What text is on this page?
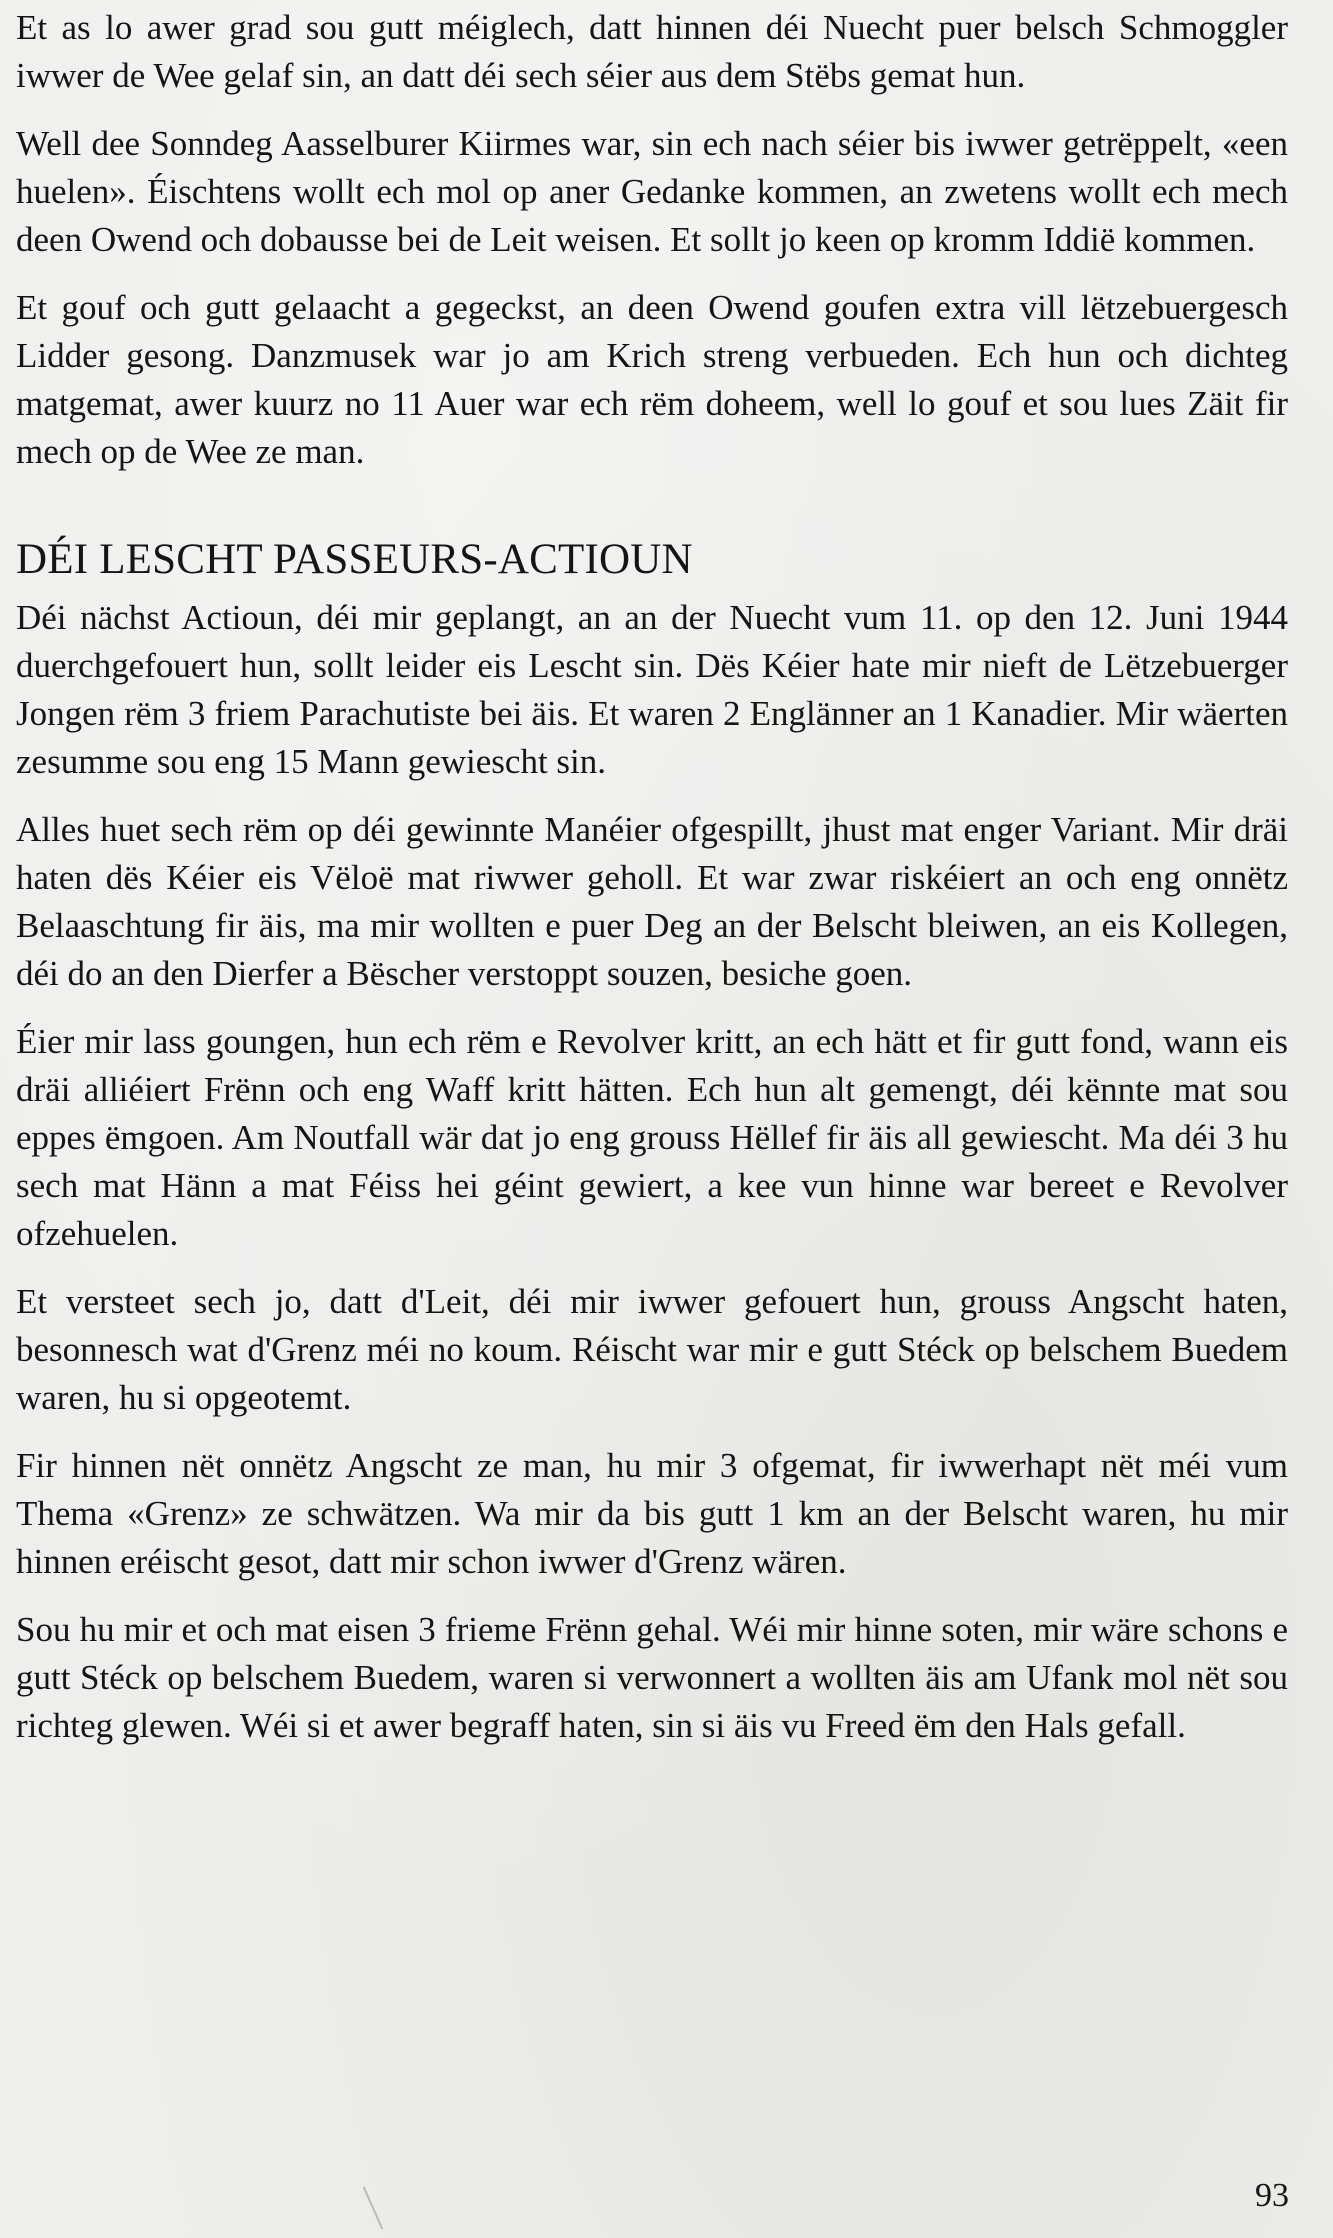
Et as lo awer grad sou gutt méiglech, datt hinnen déi Nuecht puer belsch Schmoggler iwwer de Wee gelaf sin, an datt déi sech séier aus dem Stëbs gemat hun.

Well dee Sonndeg Aasselburer Kiirmes war, sin ech nach séier bis iwwer getrëppelt, «een huelen». Éischtens wollt ech mol op aner Gedanke kommen, an zwetens wollt ech mech deen Owend och dobausse bei de Leit weisen. Et sollt jo keen op kromm Iddië kommen.

Et gouf och gutt gelaacht a gegeckst, an deen Owend goufen extra vill lëtzebuergesch Lidder gesong. Danzmusek war jo am Krich streng verbueden. Ech hun och dichteg matgemat, awer kuurz no 11 Auer war ech rëm doheem, well lo gouf et sou lues Zäit fir mech op de Wee ze man.

DÉI LESCHT PASSEURS-ACTIOUN

Déi nächst Actioun, déi mir geplangt, an an der Nuecht vum 11. op den 12. Juni 1944 duerchgefouert hun, sollt leider eis Lescht sin. Dës Kéier hate mir nieft de Lëtzebuerger Jongen rëm 3 friem Parachutiste bei äis. Et waren 2 Englänner an 1 Kanadier. Mir wäerten zesumme sou eng 15 Mann gewiescht sin.

Alles huet sech rëm op déi gewinnte Manéier ofgespillt, jhust mat enger Variant. Mir dräi haten dës Kéier eis Vëloë mat riwwer geholl. Et war zwar riskéiert an och eng onnëtz Belaaschtung fir äis, ma mir wollten e puer Deg an der Belscht bleiwen, an eis Kollegen, déi do an den Dierfer a Bëscher verstoppt souzen, besiche goen.

Éier mir lass goungen, hun ech rëm e Revolver kritt, an ech hätt et fir gutt fond, wann eis dräi alliéiert Frënn och eng Waff kritt hätten. Ech hun alt gemengt, déi kënnte mat sou eppes ëmgoen. Am Noutfall wär dat jo eng grouss Hëllef fir äis all gewiescht. Ma déi 3 hu sech mat Hänn a mat Féiss hei géint gewiert, a kee vun hinne war bereet e Revolver ofzehuelen.

Et versteet sech jo, datt d'Leit, déi mir iwwer gefouert hun, grouss Angscht haten, besonnesch wat d'Grenz méi no koum. Réischt war mir e gutt Stéck op belschem Buedem waren, hu si opgeotemt.

Fir hinnen nët onnëtz Angscht ze man, hu mir 3 ofgemat, fir iwwerhapt nët méi vum Thema «Grenz» ze schwätzen. Wa mir da bis gutt 1 km an der Belscht waren, hu mir hinnen eréischt gesot, datt mir schon iwwer d'Grenz wären.

Sou hu mir et och mat eisen 3 frieme Frënn gehal. Wéi mir hinne soten, mir wäre schons e gutt Stéck op belschem Buedem, waren si verwonnert a wollten äis am Ufank mol nët sou richteg glewen. Wéi si et awer begraff haten, sin si äis vu Freed ëm den Hals gefall.

93
